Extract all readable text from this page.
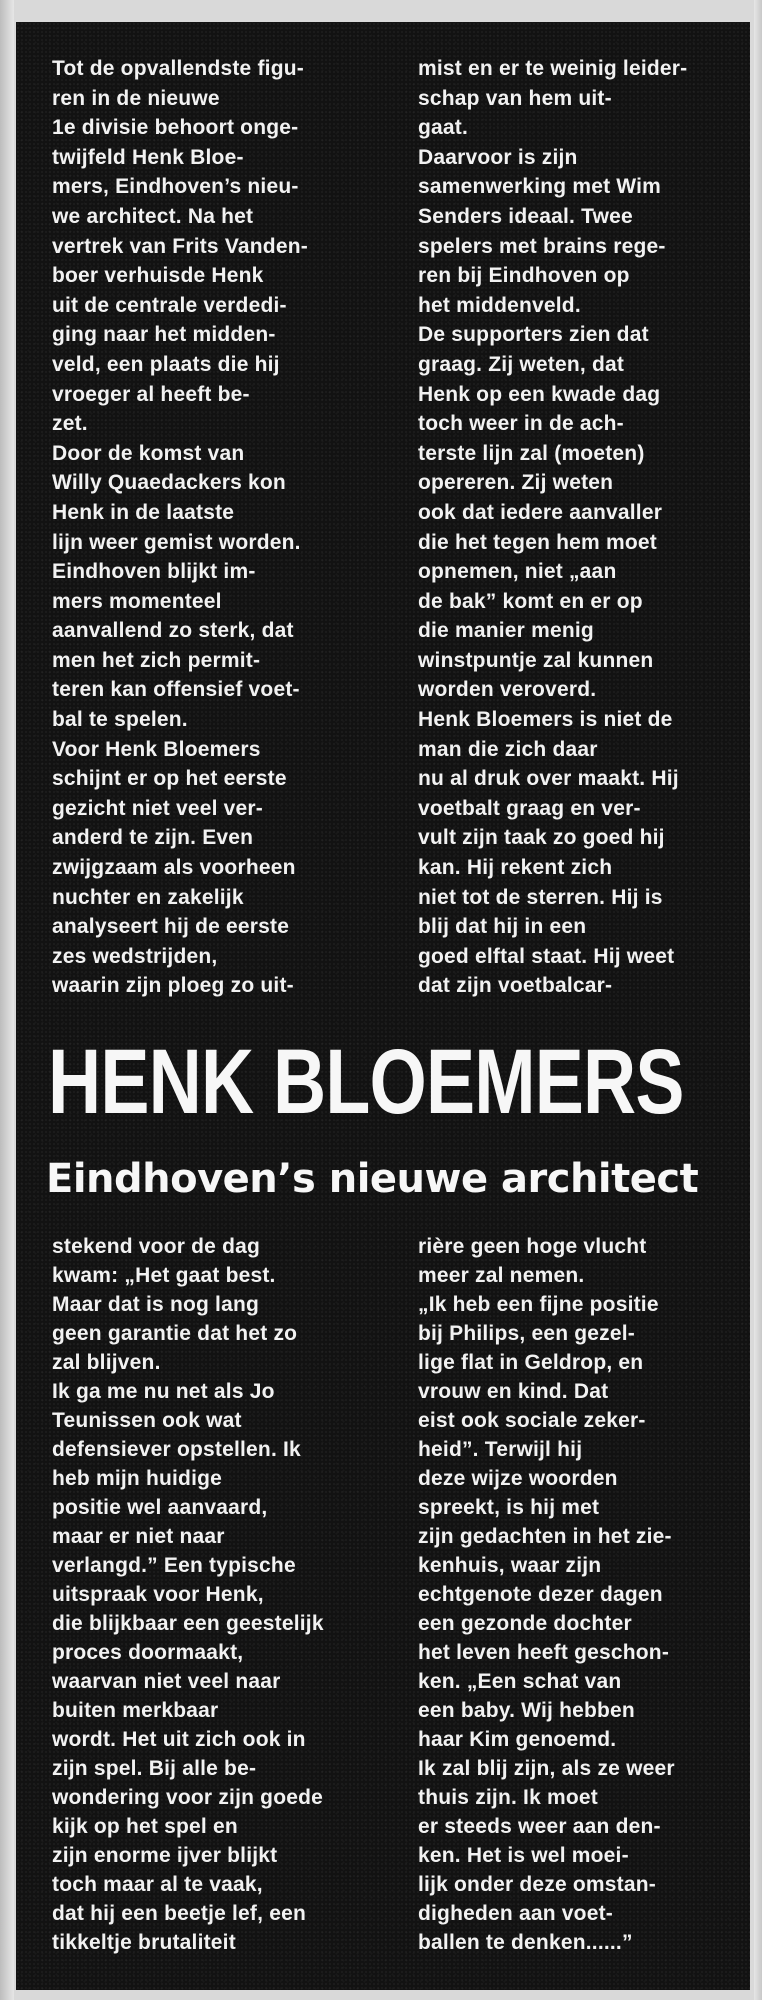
Tot de opvallendste figu-
ren in de nieuwe
1e divisie behoort onge-
twijfeld Henk Bloe-
mers, Eindhoven’s nieu-
we architect. Na het
vertrek van Frits Vanden-
boer verhuisde Henk
uit de centrale verdedi-
ging naar het midden-
veld, een plaats die hij
vroeger al heeft be-
zet.
Door de komst van
Willy Quaedackers kon
Henk in de laatste
lijn weer gemist worden.
Eindhoven blijkt im-
mers momenteel
aanvallend zo sterk, dat
men het zich permit-
teren kan offensief voet-
bal te spelen.
Voor Henk Bloemers
schijnt er op het eerste
gezicht niet veel ver-
anderd te zijn. Even
zwijgzaam als voorheen
nuchter en zakelijk
analyseert hij de eerste
zes wedstrijden,
waarin zijn ploeg zo uit-
mist en er te weinig leider-
schap van hem uit-
gaat.
Daarvoor is zijn
samenwerking met Wim
Senders ideaal. Twee
spelers met brains rege-
ren bij Eindhoven op
het middenveld.
De supporters zien dat
graag. Zij weten, dat
Henk op een kwade dag
toch weer in de ach-
terste lijn zal (moeten)
opereren. Zij weten
ook dat iedere aanvaller
die het tegen hem moet
opnemen, niet „aan
de bak” komt en er op
die manier menig
winstpuntje zal kunnen
worden veroverd.
Henk Bloemers is niet de
man die zich daar
nu al druk over maakt. Hij
voetbalt graag en ver-
vult zijn taak zo goed hij
kan. Hij rekent zich
niet tot de sterren. Hij is
blij dat hij in een
goed elftal staat. Hij weet
dat zijn voetbalcar-
HENK BLOEMERS
Eindhoven’s nieuwe architect
stekend voor de dag
kwam: „Het gaat best.
Maar dat is nog lang
geen garantie dat het zo
zal blijven.
Ik ga me nu net als Jo
Teunissen ook wat
defensiever opstellen. Ik
heb mijn huidige
positie wel aanvaard,
maar er niet naar
verlangd.” Een typische
uitspraak voor Henk,
die blijkbaar een geestelijk
proces doormaakt,
waarvan niet veel naar
buiten merkbaar
wordt. Het uit zich ook in
zijn spel. Bij alle be-
wondering voor zijn goede
kijk op het spel en
zijn enorme ijver blijkt
toch maar al te vaak,
dat hij een beetje lef, een
tikkeltje brutaliteit
rière geen hoge vlucht
meer zal nemen.
„Ik heb een fijne positie
bij Philips, een gezel-
lige flat in Geldrop, en
vrouw en kind. Dat
eist ook sociale zeker-
heid”. Terwijl hij
deze wijze woorden
spreekt, is hij met
zijn gedachten in het zie-
kenhuis, waar zijn
echtgenote dezer dagen
een gezonde dochter
het leven heeft geschon-
ken. „Een schat van
een baby. Wij hebben
haar Kim genoemd.
Ik zal blij zijn, als ze weer
thuis zijn. Ik moet
er steeds weer aan den-
ken. Het is wel moei-
lijk onder deze omstan-
digheden aan voet-
ballen te denken......”
